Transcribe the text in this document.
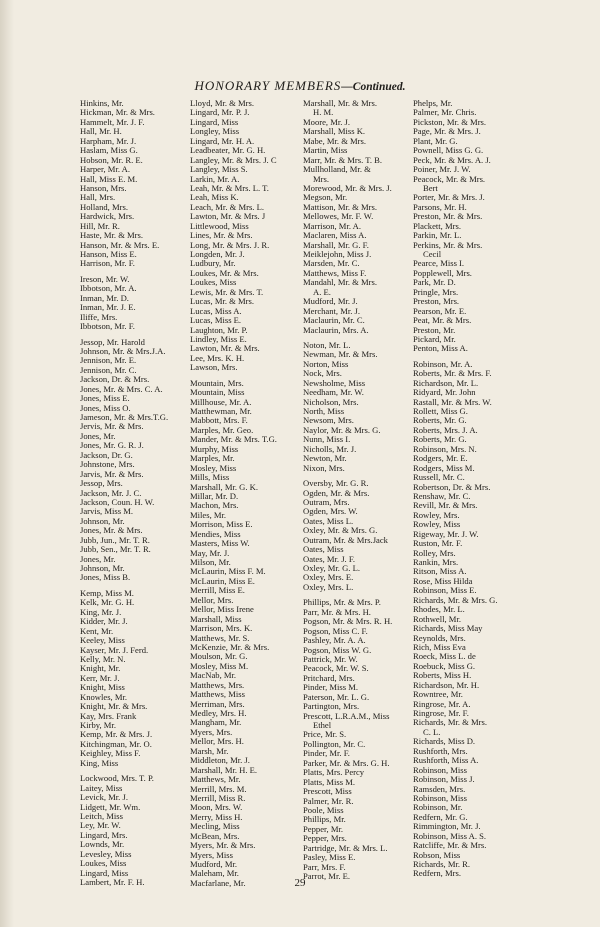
HONORARY MEMBERS—Continued.
Hinkins, Mr.
Hickman, Mr. & Mrs.
Hammelt, Mr. J. F.
Hall, Mr. H.
Harpham, Mr. J.
Haslam, Miss G.
Hobson, Mr. R. E.
Harper, Mr. A.
Hall, Miss E. M.
Hanson, Mrs.
Hall, Mrs.
Holland, Mrs.
Hardwick, Mrs.
Hill, Mr. R.
Haste, Mr. & Mrs.
Hanson, Mr. & Mrs. E.
Hanson, Miss E.
Harrison, Mr. F.
Ireson, Mr. W.
Ibbotson, Mr. A.
Inman, Mr. D.
Inman, Mr. J. E.
Iliffe, Mrs.
Ibbotson, Mr. F.
Jessop, Mr. Harold
Johnson, Mr. & Mrs.J.A.
Jennison, Mr. E.
Jennison, Mr. C.
Jackson, Dr. & Mrs.
Jones, Mr. & Mrs. C. A.
Jones, Miss E.
Jones, Miss O.
Jameson, Mr. & Mrs.T.G.
Jervis, Mr. & Mrs.
Jones, Mr.
Jones, Mr. G. R. J.
Jackson, Dr. G.
Johnstone, Mrs.
Jarvis, Mr. & Mrs.
Jessop, Mrs.
Jackson, Mr. J. C.
Jackson, Coun. H. W.
Jarvis, Miss M.
Johnson, Mr.
Jones, Mr. & Mrs.
Jubb, Jun., Mr. T. R.
Jubb, Sen., Mr. T. R.
Jones, Mr.
Johnson, Mr.
Jones, Miss B.
Kemp, Miss M.
Kelk, Mr. G. H.
King, Mr. J.
Kidder, Mr. J.
Kent, Mr.
Keeley, Miss
Kayser, Mr. J. Ferd.
Kelly, Mr. N.
Knight, Mr.
Kerr, Mr. J.
Knight, Miss
Knowles, Mr.
Knight, Mr. & Mrs.
Kay, Mrs. Frank
Kirby, Mr.
Kemp, Mr. & Mrs. J.
Kitchingman, Mr. O.
Keighley, Miss F.
King, Miss
Lockwood, Mrs. T. P.
Laitey, Miss
Levick, Mr. J.
Lidgett, Mr. Wm.
Leitch, Miss
Ley, Mr. W.
Lingard, Mrs.
Lownds, Mr.
Levesley, Miss
Loukes, Miss
Lingard, Miss
Lambert, Mr. F. H.
Lloyd, Mr. & Mrs.
Lingard, Mr. P. J.
Lingard, Miss
Longley, Miss
Lingard, Mr. H. A.
Leadbeater, Mr. G. H.
Langley, Mr. & Mrs. J. C
Langley, Miss S.
Larkin, Mr. A.
Leah, Mr. & Mrs. L. T.
Leah, Miss K.
Leach, Mr. & Mrs. L.
Lawton, Mr. & Mrs. J
Littlewood, Miss
Lines, Mr. & Mrs.
Long, Mr. & Mrs. J. R.
Longden, Mr. J.
Ludbury, Mr.
Loukes, Mr. & Mrs.
Loukes, Miss
Lewis, Mr. & Mrs. T.
Lucas, Mr. & Mrs.
Lucas, Miss A.
Lucas, Miss E.
Laughton, Mr. P.
Lindley, Miss E.
Lawton, Mr. & Mrs.
Lee, Mrs. K. H.
Lawson, Mrs.
Mountain, Mrs.
Mountain, Miss
Millhouse, Mr. A.
Matthewman, Mr.
Mabbott, Mrs. F.
Marples, Mr. Geo.
Mander, Mr. & Mrs. T.G.
Murphy, Miss
Marples, Mr.
Mosley, Miss
Mills, Miss
Marshall, Mr. G. K.
Millar, Mr. D.
Machon, Mrs.
Miles, Mr.
Morrison, Miss E.
Mendies, Miss
Masters, Miss W.
May, Mr. J.
Milson, Mr.
McLaurin, Miss F. M.
McLaurin, Miss E.
Merrill, Miss E.
Mellor, Mrs.
Mellor, Miss Irene
Marshall, Miss
Marrison, Mrs. K.
Matthews, Mr. S.
McKenzie, Mr. & Mrs.
Moulson, Mr. G.
Mosley, Miss M.
MacNab, Mr.
Matthews, Mrs.
Matthews, Miss
Merriman, Mrs.
Medley, Mrs. H.
Mangham, Mr.
Myers, Mrs.
Mellor, Mrs. H.
Marsh, Mr.
Middleton, Mr. J.
Marshall, Mr. H. E.
Matthews, Mr.
Merrill, Mrs. M.
Merrill, Miss R.
Moon, Mrs. W.
Merry, Miss H.
Mecling, Miss
McBean, Mrs.
Myers, Mr. & Mrs.
Myers, Miss
Mudford, Mr.
Maleham, Mr.
Macfarlane, Mr.
Marshall, Mr. & Mrs.
H. M.
Moore, Mr. J.
Marshall, Miss K.
Mabe, Mr. & Mrs.
Martin, Miss
Marr, Mr. & Mrs. T. B.
Mullholland, Mr. &
Mrs.
Morewood, Mr. & Mrs. J.
Megson, Mr.
Mattison, Mr. & Mrs.
Mellowes, Mr. F. W.
Marrison, Mr. A.
Maclaren, Miss A.
Marshall, Mr. G. F.
Meiklejohn, Miss J.
Marsden, Mr. C.
Matthews, Miss F.
Mandahl, Mr. & Mrs.
A. E.
Mudford, Mr. J.
Merchant, Mr. J.
Maclaurin, Mr. C.
Maclaurin, Mrs. A.
Noton, Mr. L.
Newman, Mr. & Mrs.
Norton, Miss
Nock, Mrs.
Newsholme, Miss
Needham, Mr. W.
Nicholson, Mrs.
North, Miss
Newsom, Mrs.
Naylor, Mr. & Mrs. G.
Nunn, Miss I.
Nicholls, Mr. J.
Newton, Mr.
Nixon, Mrs.
Oversby, Mr. G. R.
Ogden, Mr. & Mrs.
Outram, Mrs.
Ogden, Mrs. W.
Oates, Miss L.
Oxley, Mr. & Mrs. G.
Outram, Mr. & Mrs.Jack
Oates, Miss
Oates, Mr. J. F.
Oxley, Mr. G. L.
Oxley, Mrs. E.
Oxley, Mrs. L.
Phillips, Mr. & Mrs. P.
Parr, Mr. & Mrs. H.
Pogson, Mr. & Mrs. R. H.
Pogson, Miss C. F.
Pashley, Mr. A. A.
Pogson, Miss W. G.
Pattrick, Mr. W.
Peacock, Mr. W. S.
Pritchard, Mrs.
Pinder, Miss M.
Paterson, Mr. L. G.
Partington, Mrs.
Prescott, L.R.A.M., Miss
Ethel
Price, Mr. S.
Pollington, Mr. C.
Pinder, Mr. F.
Parker, Mr. & Mrs. G. H.
Platts, Mrs. Percy
Platts, Miss M.
Prescott, Miss
Palmer, Mr. R.
Poole, Miss
Phillips, Mr.
Pepper, Mr.
Pepper, Mrs.
Partridge, Mr. & Mrs. L.
Pasley, Miss E.
Parr, Mrs. F.
Parrot, Mr. E.
Phelps, Mr.
Palmer, Mr. Chris.
Pickston, Mr. & Mrs.
Page, Mr. & Mrs. J.
Plant, Mr. G.
Pownell, Miss G. G.
Peck, Mr. & Mrs. A. J.
Poiner, Mr. J. W.
Peacock, Mr. & Mrs.
Bert
Porter, Mr. & Mrs. J.
Parsons, Mr. H.
Preston, Mr. & Mrs.
Plackett, Mrs.
Parkin, Mr. L.
Perkins, Mr. & Mrs.
Cecil
Pearce, Miss I.
Popplewell, Mrs.
Park, Mr. D.
Pringle, Mrs.
Preston, Mrs.
Pearson, Mr. E.
Peat, Mr. & Mrs.
Preston, Mr.
Pickard, Mr.
Penton, Miss A.
Robinson, Mr. A.
Roberts, Mr. & Mrs. F.
Richardson, Mr. L.
Ridyard, Mr. John
Rastall, Mr. & Mrs. W.
Rollett, Miss G.
Roberts, Mr. G.
Roberts, Mrs. J. A.
Roberts, Mr. G.
Robinson, Mrs. N.
Rodgers, Mr. E.
Rodgers, Miss M.
Russell, Mr. C.
Robertson, Dr. & Mrs.
Renshaw, Mr. C.
Revill, Mr. & Mrs.
Rowley, Mrs.
Rowley, Miss
Rigeway, Mr. J. W.
Ruston, Mr. F.
Rolley, Mrs.
Rankin, Mrs.
Ritson, Miss A.
Rose, Miss Hilda
Robinson, Miss E.
Richards, Mr. & Mrs. G.
Rhodes, Mr. L.
Rothwell, Mr.
Richards, Miss May
Reynolds, Mrs.
Rich, Miss Eva
Roeck, Miss L. de
Roebuck, Miss G.
Roberts, Miss H.
Richardson, Mr. H.
Rowntree, Mr.
Ringrose, Mr. A.
Ringrose, Mr. F.
Richards, Mr. & Mrs.
C. L.
Richards, Miss D.
Rushforth, Mrs.
Rushforth, Miss A.
Robinson, Miss
Robinson, Miss J.
Ramsden, Mrs.
Robinson, Miss
Robinson, Mr.
Redfern, Mr. G.
Rimmington, Mr. J.
Robinson, Miss A. S.
Ratcliffe, Mr. & Mrs.
Robson, Miss
Richards, Mr. R.
Redfern, Mrs.
29
